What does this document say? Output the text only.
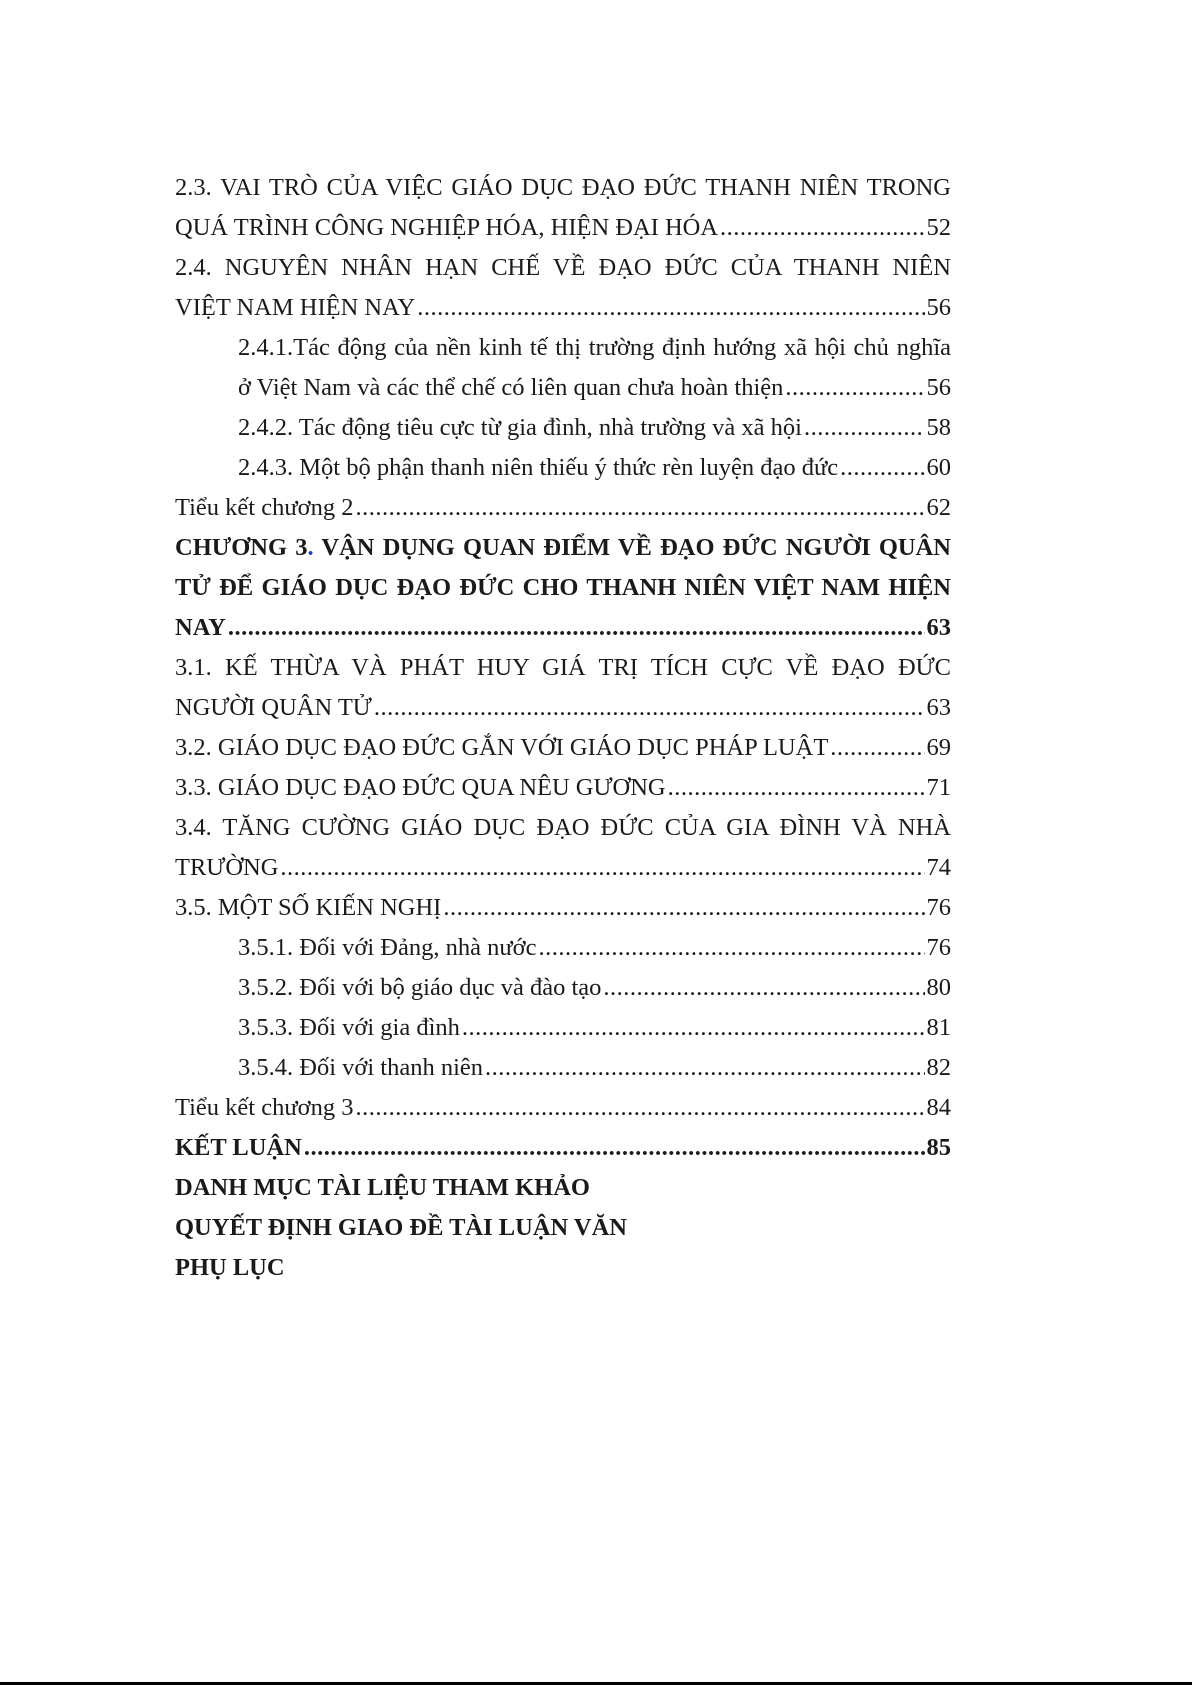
2.3. VAI TRÒ CỦA VIỆC GIÁO DỤC ĐẠO ĐỨC THANH NIÊN TRONG
QUÁ TRÌNH CÔNG NGHIỆP HÓA, HIỆN ĐẠI HÓA .....	52
2.4. NGUYÊN NHÂN HẠN CHẾ VỀ ĐẠO ĐỨC CỦA THANH NIÊN
VIỆT NAM HIỆN NAY .....	56
2.4.1.Tác động của nền kinh tế thị trường định hướng xã hội chủ nghĩa
ở Việt Nam và các thể chế có liên quan chưa hoàn thiện .....	56
2.4.2. Tác động tiêu cực từ gia đình, nhà trường và xã hội .....	58
2.4.3. Một bộ phận thanh niên thiếu ý thức rèn luyện đạo đức .....	60
Tiểu kết chương 2 .....	62
CHƯƠNG 3. VẬN DỤNG QUAN ĐIỂM VỀ ĐẠO ĐỨC NGƯỜI QUÂN
TỬ ĐỂ GIÁO DỤC ĐẠO ĐỨC CHO THANH NIÊN VIỆT NAM HIỆN
NAY .....	63
3.1. KẾ THỪA VÀ PHÁT HUY GIÁ TRỊ TÍCH CỰC VỀ ĐẠO ĐỨC
NGƯỜI QUÂN TỬ .....	63
3.2. GIÁO DỤC ĐẠO ĐỨC GẮN VỚI GIÁO DỤC PHÁP LUẬT .....	69
3.3. GIÁO DỤC ĐẠO ĐỨC QUA NÊU GƯƠNG .....	71
3.4. TĂNG CƯỜNG GIÁO DỤC ĐẠO ĐỨC CỦA GIA ĐÌNH VÀ NHÀ
TRƯỜNG .....	74
3.5. MỘT SỐ KIẾN NGHỊ .....	76
3.5.1. Đối với Đảng, nhà nước .....	76
3.5.2. Đối với bộ giáo dục và đào tạo .....	80
3.5.3. Đối với gia đình .....	81
3.5.4. Đối với thanh niên .....	82
Tiểu kết chương 3 .....	84
KẾT LUẬN .....	85
DANH MỤC TÀI LIỆU THAM KHẢO
QUYẾT ĐỊNH GIAO ĐỀ TÀI LUẬN VĂN
PHỤ LỤC
